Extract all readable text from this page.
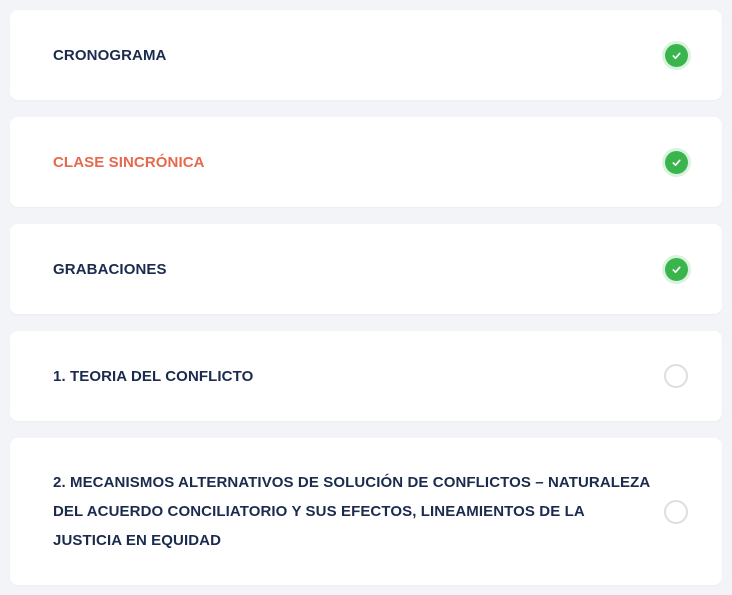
CRONOGRAMA
CLASE SINCRÓNICA
GRABACIONES
1. TEORIA DEL CONFLICTO
2. MECANISMOS ALTERNATIVOS DE SOLUCIÓN DE CONFLICTOS – NATURALEZA DEL ACUERDO CONCILIATORIO Y SUS EFECTOS, LINEAMIENTOS DE LA JUSTICIA EN EQUIDAD
